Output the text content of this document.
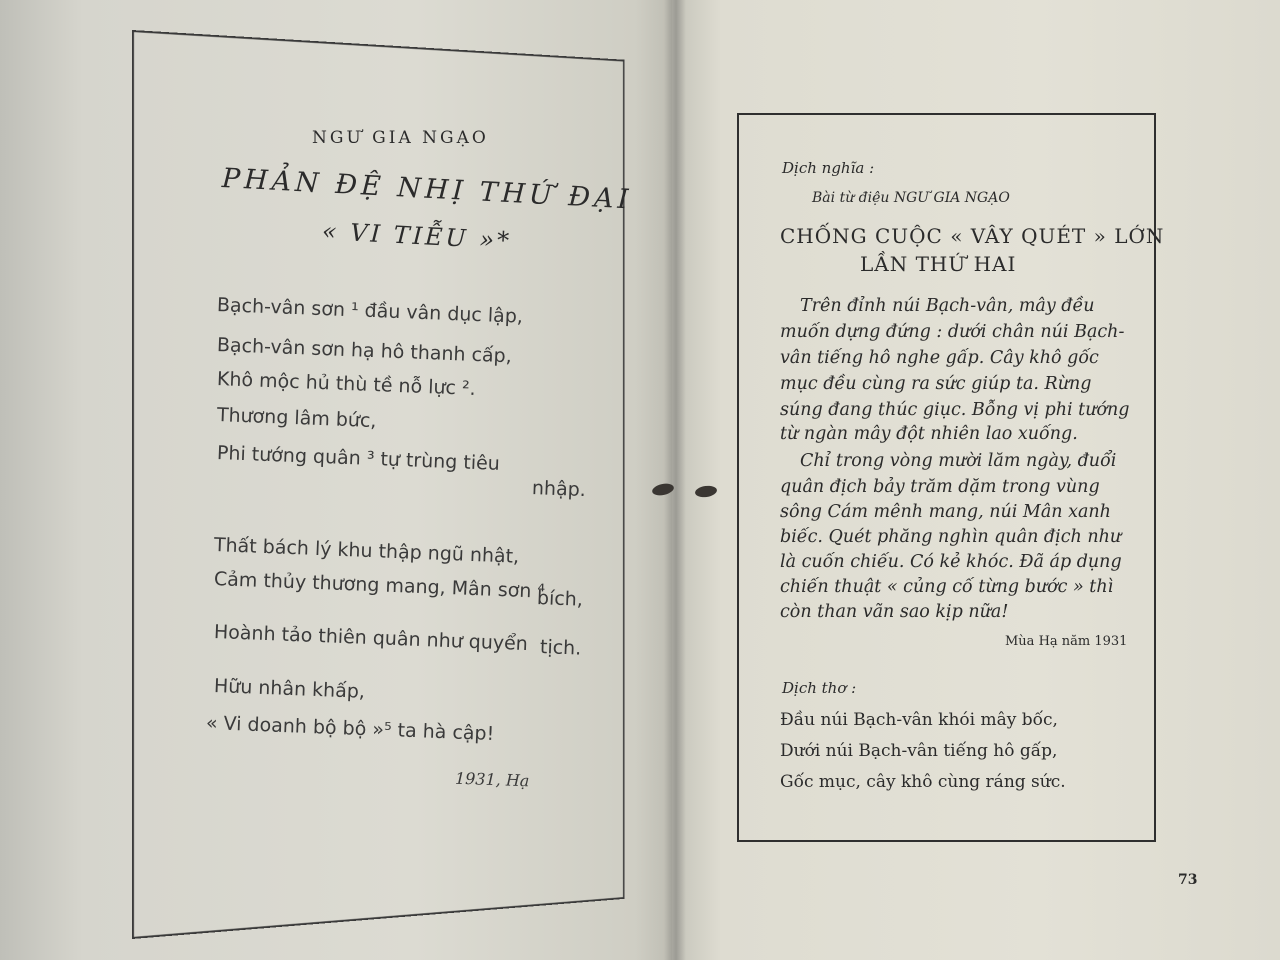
NGƯ GIA NGẠO
PHẢN ĐỆ NHỊ THỨ ĐẠI
« VI TIỄU »*
Bạch-vân sơn ¹ đầu vân dục lập,
Bạch-vân sơn hạ hô thanh cấp,
Khô mộc hủ thù tề nỗ lực ².
Thương lâm bức,
Phi tướng quân ³ tự trùng tiêu
nhập.
Thất bách lý khu thập ngũ nhật,
Cảm thủy thương mang, Mân sơn ⁴
bích,
Hoành tảo thiên quân như quyển tịch.
Hữu nhân khấp,
« Vi doanh bộ bộ »⁵ ta hà cập!
1931, Hạ
Dịch nghĩa :
Bài từ điệu NGƯ GIA NGẠO
CHỐNG CUỘC « VÂY QUÉT » LỚN
LẦN THỨ HAI
Trên đỉnh núi Bạch-vân, mây đều
muốn dựng đứng : dưới chân núi Bạch-
vân tiếng hô nghe gấp. Cây khô gốc
mục đều cùng ra sức giúp ta. Rừng
súng đang thúc giục. Bỗng vị phi tướng
từ ngàn mây đột nhiên lao xuống.
Chỉ trong vòng mười lăm ngày, đuổi
quân địch bảy trăm dặm trong vùng
sông Cám mênh mang, núi Mân xanh
biếc. Quét phăng nghìn quân địch như
là cuốn chiếu. Có kẻ khóc. Đã áp dụng
chiến thuật « củng cố từng bước » thì
còn than vãn sao kịp nữa!
Mùa Hạ năm 1931
Dịch thơ :
Đầu núi Bạch-vân khói mây bốc,
Dưới núi Bạch-vân tiếng hô gấp,
Gốc mục, cây khô cùng ráng sức.
73
